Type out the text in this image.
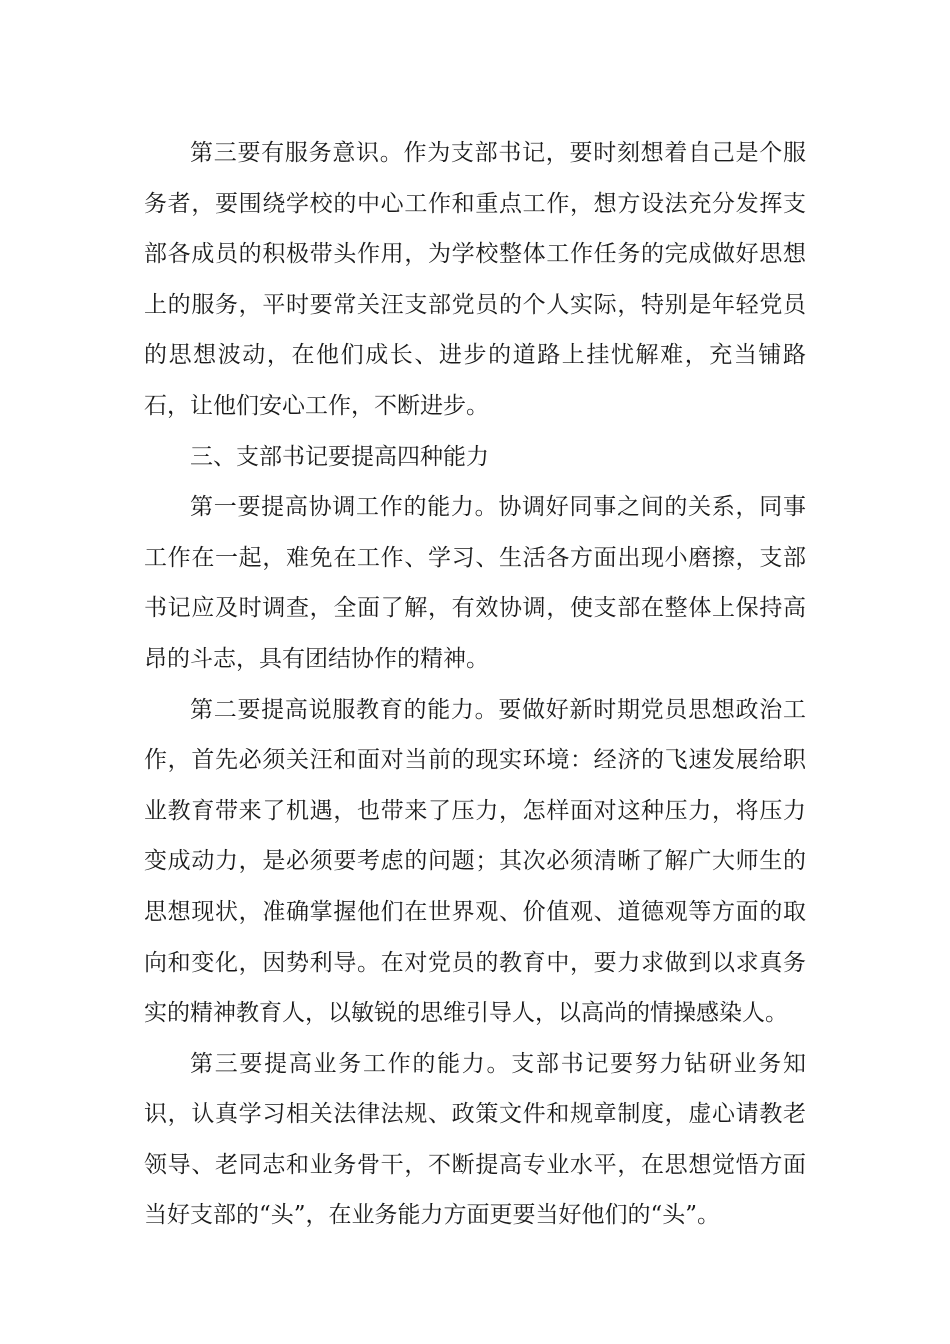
第三要有服务意识。作为支部书记，要时刻想着自己是个服务者，要围绕学校的中心工作和重点工作，想方设法充分发挥支部各成员的积极带头作用，为学校整体工作任务的完成做好思想上的服务，平时要常关汪支部党员的个人实际，特别是年轻党员的思想波动，在他们成长、进步的道路上挂忧解难，充当铺路石，让他们安心工作，不断进步。

三、支部书记要提高四种能力

第一要提高协调工作的能力。协调好同事之间的关系，同事工作在一起，难免在工作、学习、生活各方面出现小磨擦，支部书记应及时调查，全面了解，有效协调，使支部在整体上保持高昂的斗志，具有团结协作的精神。

第二要提高说服教育的能力。要做好新时期党员思想政治工作，首先必须关汪和面对当前的现实环境：经济的飞速发展给职业教育带来了机遇，也带来了压力，怎样面对这种压力，将压力变成动力，是必须要考虑的问题；其次必须清晰了解广大师生的思想现状，准确掌握他们在世界观、价值观、道德观等方面的取向和变化，因势利导。在对党员的教育中，要力求做到以求真务实的精神教育人，以敏锐的思维引导人，以高尚的情操感染人。

第三要提高业务工作的能力。支部书记要努力钻研业务知识，认真学习相关法律法规、政策文件和规章制度，虚心请教老领导、老同志和业务骨干，不断提高专业水平，在思想觉悟方面当好支部的“头”，在业务能力方面更要当好他们的“头”。
